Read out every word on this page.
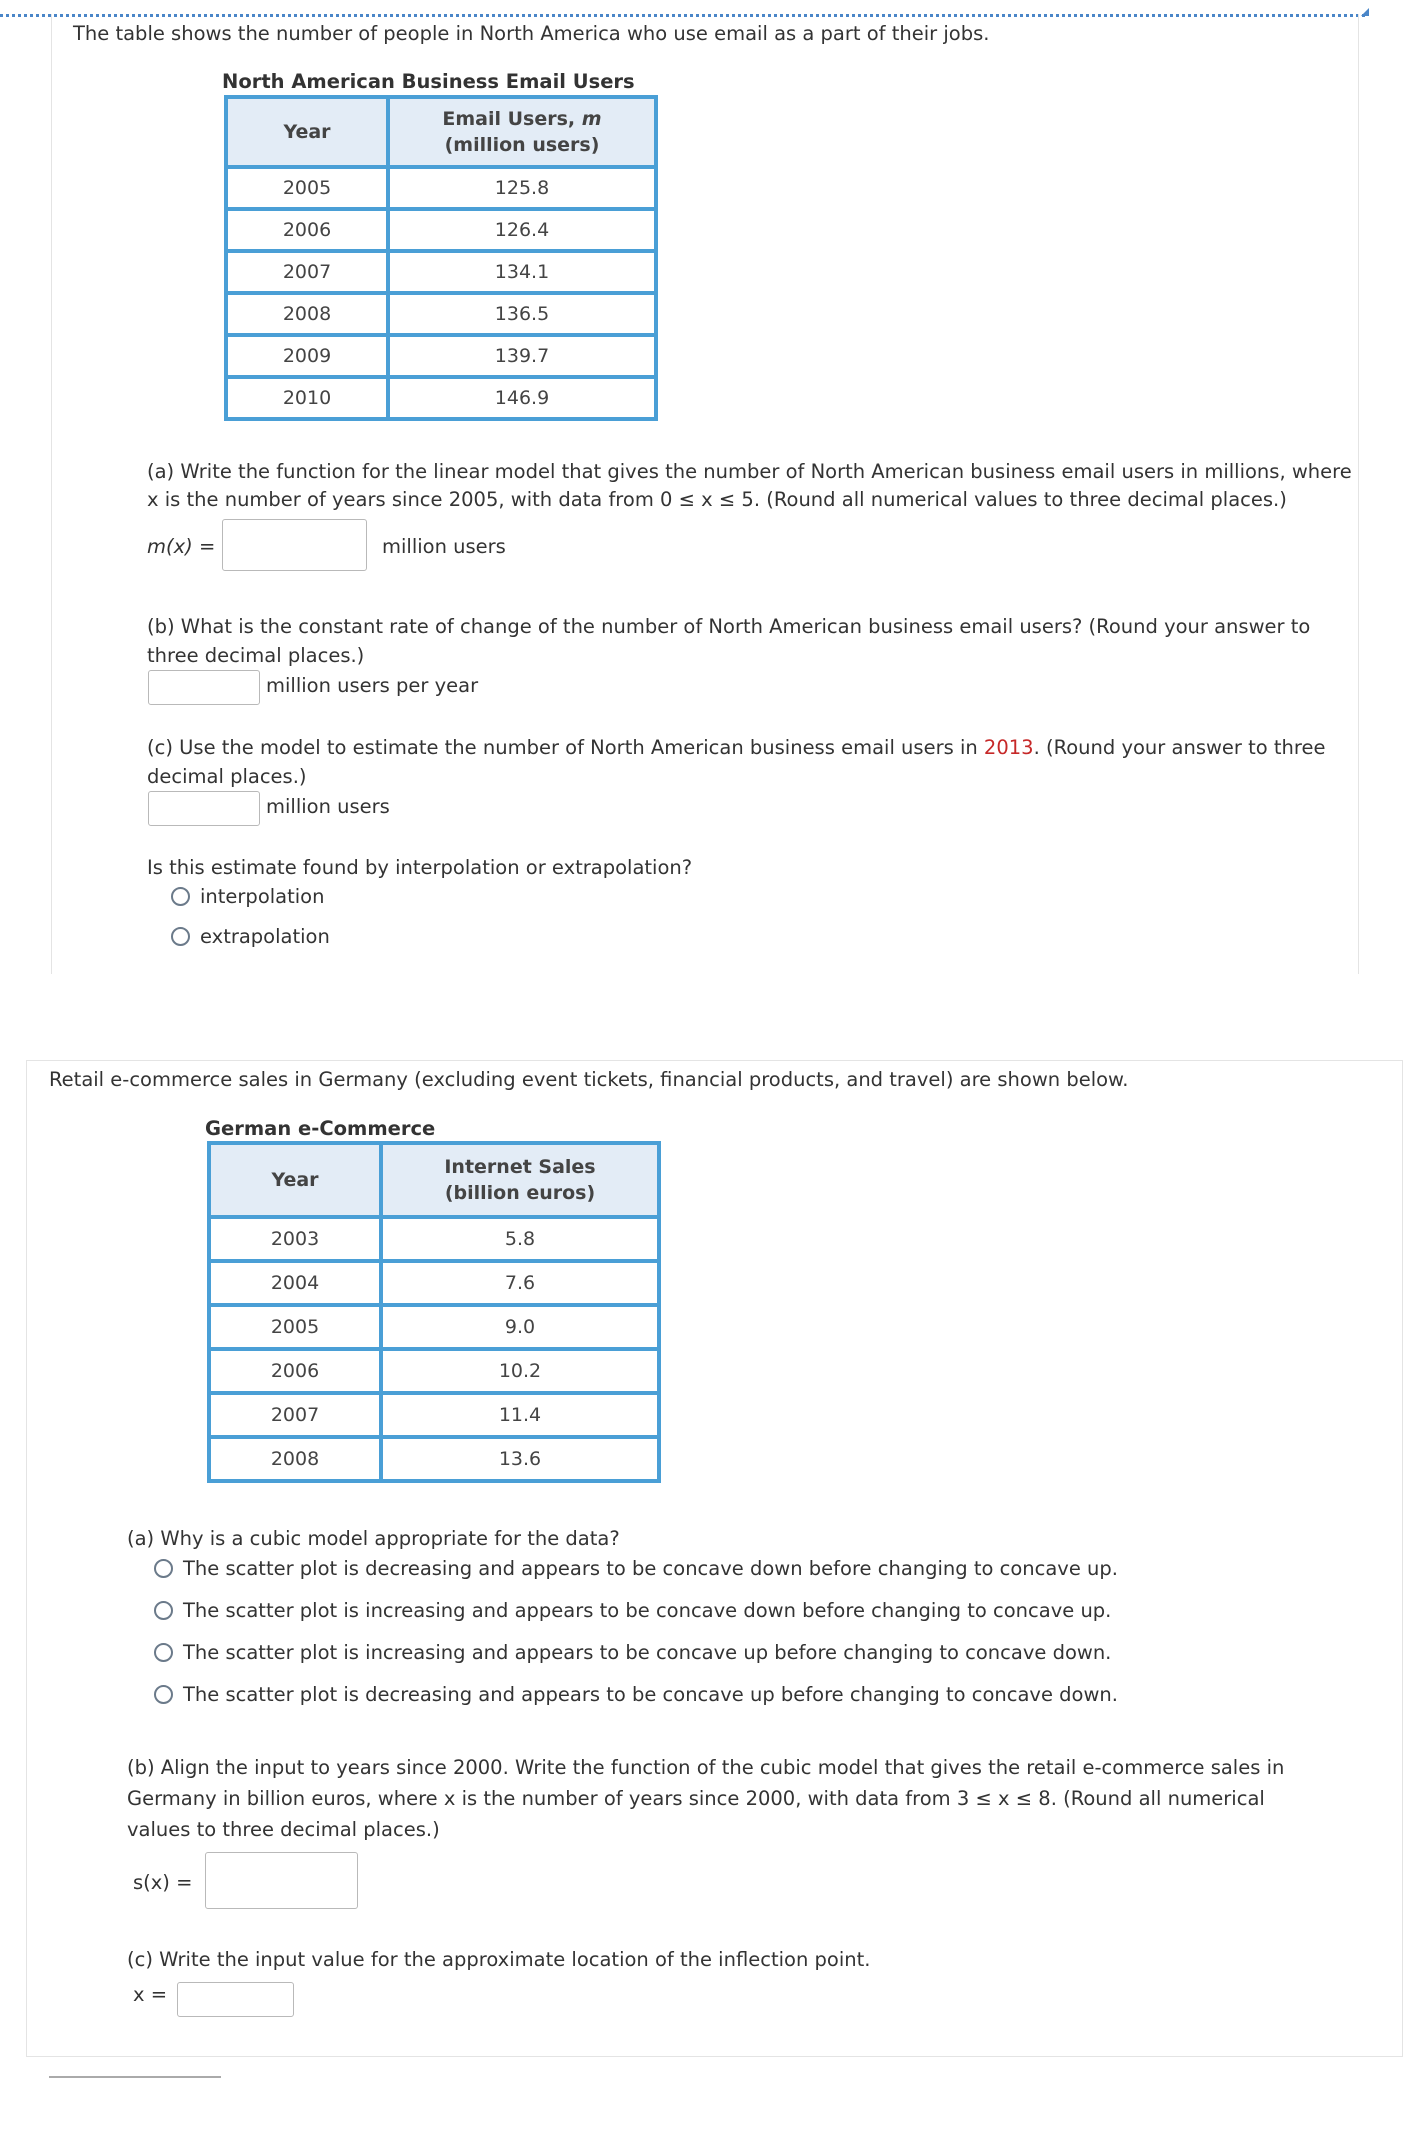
The table shows the number of people in North America who use email as a part of their jobs.
North American Business Email Users
Year	Email Users, m
(million users)
2005	125.8
2006	126.4
2007	134.1
2008	136.5
2009	139.7
2010	146.9
(a) Write the function for the linear model that gives the number of North American business email users in millions, where
x is the number of years since 2005, with data from 0 ≤ x ≤ 5. (Round all numerical values to three decimal places.)
m(x) =	million users
(b) What is the constant rate of change of the number of North American business email users? (Round your answer to
three decimal places.)
million users per year
(c) Use the model to estimate the number of North American business email users in 2013. (Round your answer to three
decimal places.)
million users
Is this estimate found by interpolation or extrapolation?
interpolation
extrapolation
Retail e-commerce sales in Germany (excluding event tickets, financial products, and travel) are shown below.
German e-Commerce
Year	Internet Sales
(billion euros)
2003	5.8
2004	7.6
2005	9.0
2006	10.2
2007	11.4
2008	13.6
(a) Why is a cubic model appropriate for the data?
The scatter plot is decreasing and appears to be concave down before changing to concave up.
The scatter plot is increasing and appears to be concave down before changing to concave up.
The scatter plot is increasing and appears to be concave up before changing to concave down.
The scatter plot is decreasing and appears to be concave up before changing to concave down.
(b) Align the input to years since 2000. Write the function of the cubic model that gives the retail e-commerce sales in
Germany in billion euros, where x is the number of years since 2000, with data from 3 ≤ x ≤ 8. (Round all numerical
values to three decimal places.)
s(x) =
(c) Write the input value for the approximate location of the inflection point.
x =
